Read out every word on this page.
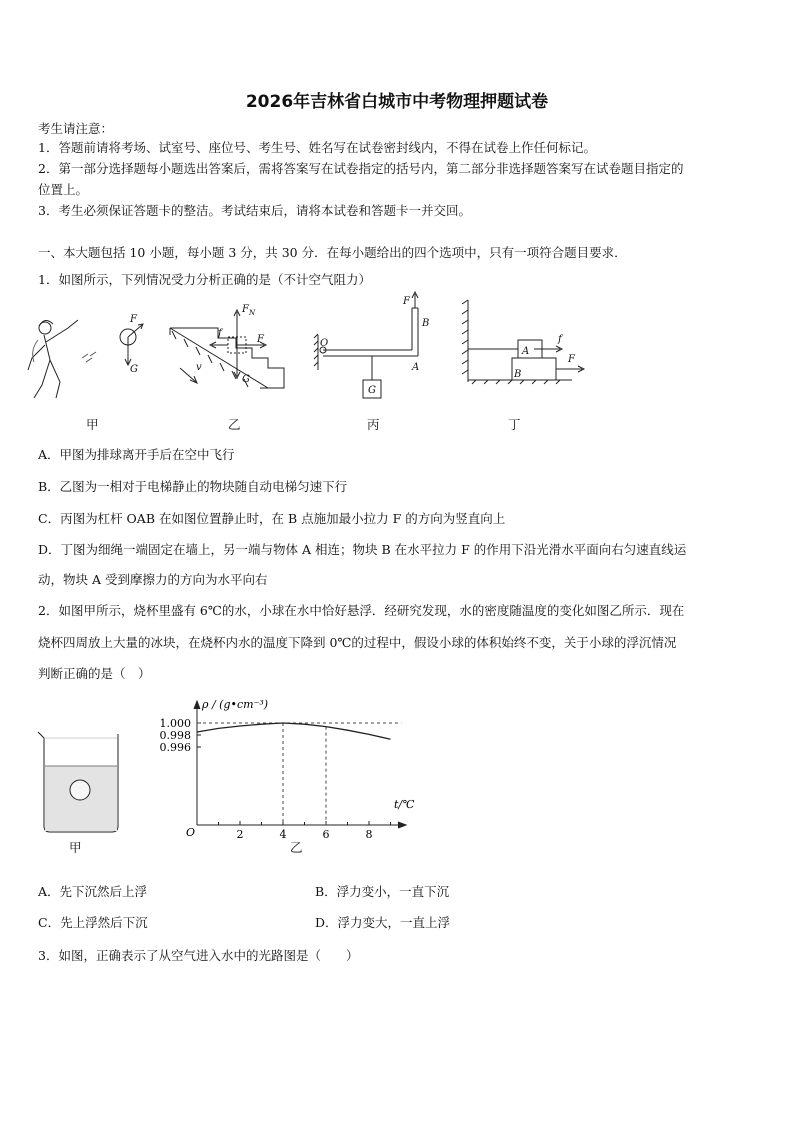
2026年吉林省白城市中考物理押题试卷
考生请注意：
1．答题前请将考场、试室号、座位号、考生号、姓名写在试卷密封线内，不得在试卷上作任何标记。
2．第一部分选择题每小题选出答案后，需将答案写在试卷指定的括号内，第二部分非选择题答案写在试卷题目指定的
位置上。
3．考生必须保证答题卡的整洁。考试结束后，请将本试卷和答题卡一并交回。
一、本大题包括 10 小题，每小题 3 分，共 30 分．在每小题给出的四个选项中，只有一项符合题目要求．
1．如图所示，下列情况受力分析正确的是（不计空气阻力）
F
G
F N
F
f
G
v
O
A
B
F
G
A
B
f
F
甲	乙	丙	丁
A．甲图为排球离开手后在空中飞行
B．乙图为一相对于电梯静止的物块随自动电梯匀速下行
C．丙图为杠杆 OAB 在如图位置静止时，在 B 点施加最小拉力 F 的方向为竖直向上
D．丁图为细绳一端固定在墙上，另一端与物体 A 相连；物块 B 在水平拉力 F 的作用下沿光滑水平面向右匀速直线运
动，物块 A 受到摩擦力的方向为水平向右
2．如图甲所示，烧杯里盛有 6℃的水，小球在水中恰好悬浮．经研究发现，水的密度随温度的变化如图乙所示．现在
烧杯四周放上大量的冰块，在烧杯内水的温度下降到 0℃的过程中，假设小球的体积始终不变，关于小球的浮沉情况
判断正确的是（　）
甲
1.000
0.998
0.996
2	4	6	8
ρ / (g•cm⁻³)
t/℃
O
乙
A．先下沉然后上浮	B．浮力变小，一直下沉
C．先上浮然后下沉	D．浮力变大，一直上浮
3．如图，正确表示了从空气进入水中的光路图是（　　）
